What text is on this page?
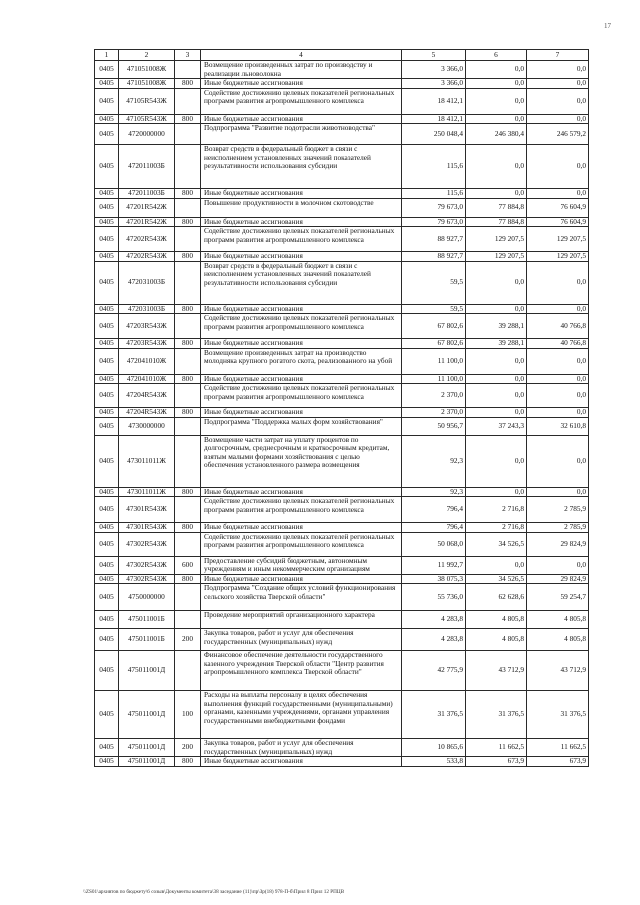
17
1	2	3	4	5	6	7
0405	471051008Ж		Возмещение произведенных затрат по производству и реализации льноволокна	3 366,0	0,0	0,0
0405	471051008Ж	800	Иные бюджетные ассигнования	3 366,0	0,0	0,0
0405	47105R543Ж		Содействие достижению целевых показателей региональных программ развития агропромышленного комплекса	18 412,1	0,0	0,0
0405	47105R543Ж	800	Иные бюджетные ассигнования	18 412,1	0,0	0,0
0405	4720000000		Подпрограмма "Развитие подотрасли животноводства"	250 048,4	246 380,4	246 579,2
0405	472011003Б		Возврат средств в федеральный бюджет в связи с неисполнением установленных значений показателей результативности использования субсидии	115,6	0,0	0,0
0405	472011003Б	800	Иные бюджетные ассигнования	115,6	0,0	0,0
0405	47201R542Ж		Повышение продуктивности в молочном скотоводстве	79 673,0	77 884,8	76 604,9
0405	47201R542Ж	800	Иные бюджетные ассигнования	79 673,0	77 884,8	76 604,9
0405	47202R543Ж		Содействие достижению целевых показателей региональных программ развития агропромышленного комплекса	88 927,7	129 207,5	129 207,5
0405	47202R543Ж	800	Иные бюджетные ассигнования	88 927,7	129 207,5	129 207,5
0405	472031003Б		Возврат средств в федеральный бюджет в связи с неисполнением установленных значений показателей результативности использования субсидии	59,5	0,0	0,0
0405	472031003Б	800	Иные бюджетные ассигнования	59,5	0,0	0,0
0405	47203R543Ж		Содействие достижению целевых показателей региональных программ развития агропромышленного комплекса	67 802,6	39 288,1	40 766,8
0405	47203R543Ж	800	Иные бюджетные ассигнования	67 802,6	39 288,1	40 766,8
0405	472041010Ж		Возмещение произведенных затрат на производство молодняка крупного рогатого скота, реализованного на убой	11 100,0	0,0	0,0
0405	472041010Ж	800	Иные бюджетные ассигнования	11 100,0	0,0	0,0
0405	47204R543Ж		Содействие достижению целевых показателей региональных программ развития агропромышленного комплекса	2 370,0	0,0	0,0
0405	47204R543Ж	800	Иные бюджетные ассигнования	2 370,0	0,0	0,0
0405	4730000000		Подпрограмма "Поддержка малых форм хозяйствования"	50 956,7	37 243,3	32 610,8
0405	473011011Ж		Возмещение части затрат на уплату процентов по долгосрочным, среднесрочным и краткосрочным кредитам, взятым малыми формами хозяйствования с целью обеспечения установленного размера возмещения	92,3	0,0	0,0
0405	473011011Ж	800	Иные бюджетные ассигнования	92,3	0,0	0,0
0405	47301R543Ж		Содействие достижению целевых показателей региональных программ развития агропромышленного комплекса	796,4	2 716,8	2 785,9
0405	47301R543Ж	800	Иные бюджетные ассигнования	796,4	2 716,8	2 785,9
0405	47302R543Ж		Содействие достижению целевых показателей региональных программ развития агропромышленного комплекса	50 068,0	34 526,5	29 824,9
0405	47302R543Ж	600	Предоставление субсидий бюджетным, автономным учреждениям и иным некоммерческим организациям	11 992,7	0,0	0,0
0405	47302R543Ж	800	Иные бюджетные ассигнования	38 075,3	34 526,5	29 824,9
0405	4750000000		Подпрограмма "Создание общих условий функционирования сельского хозяйства Тверской области"	55 736,0	62 628,6	59 254,7
0405	475011001Б		Проведение мероприятий организационного характера	4 283,8	4 805,8	4 805,8
0405	475011001Б	200	Закупка товаров, работ и услуг для обеспечения государственных (муниципальных) нужд	4 283,8	4 805,8	4 805,8
0405	475011001Д		Финансовое обеспечение деятельности государственного казенного учреждения Тверской области "Центр развития агропромышленного комплекса Тверской области"	42 775,9	43 712,9	43 712,9
0405	475011001Д	100	Расходы на выплаты персоналу в целях обеспечения выполнения функций государственными (муниципальными) органами, казенными учреждениями, органами управления государственными внебюджетными фондами	31 376,5	31 376,5	31 376,5
0405	475011001Д	200	Закупка товаров, работ и услуг для обеспечения государственных (муниципальных) нужд	10 865,6	11 662,5	11 662,5
0405	475011001Д	800	Иные бюджетные ассигнования	533,8	673,9	673,9
\\ZS01\архивтов по бюджету\6 созыв\Документы комитета\38 заседание (11)\пр\Зр(18) 978-П-б\Прил 8 Прил 12 РПЦВ
